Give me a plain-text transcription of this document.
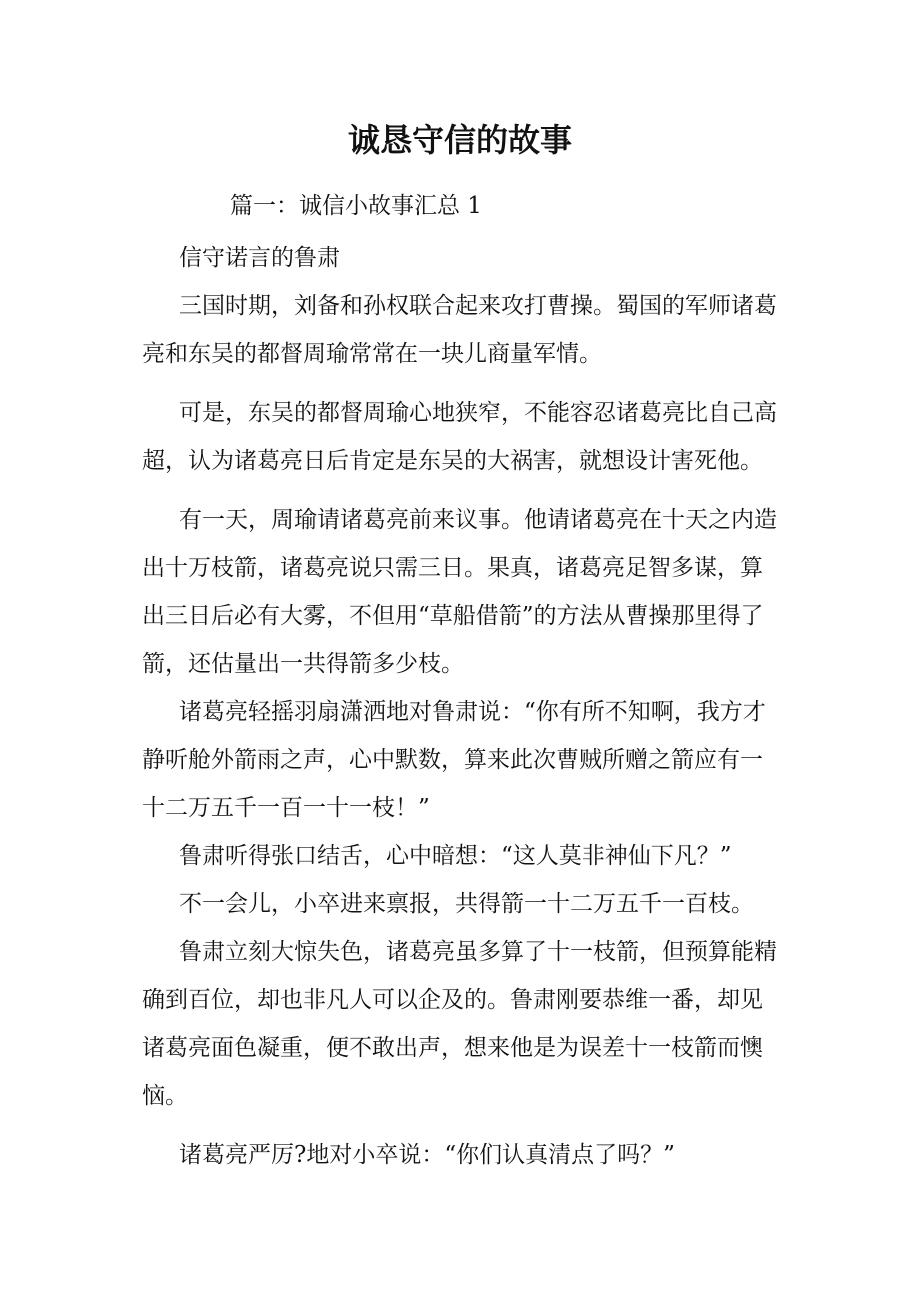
诚恳守信的故事
篇一：诚信小故事汇总 1

信守诺言的鲁肃

三国时期，刘备和孙权联合起来攻打曹操。蜀国的军师诸葛亮和东吴的都督周瑜常常在一块儿商量军情。

可是，东吴的都督周瑜心地狭窄，不能容忍诸葛亮比自己高超，认为诸葛亮日后肯定是东吴的大祸害，就想设计害死他。

有一天，周瑜请诸葛亮前来议事。他请诸葛亮在十天之内造出十万枝箭，诸葛亮说只需三日。果真，诸葛亮足智多谋，算出三日后必有大雾，不但用“草船借箭”的方法从曹操那里得了箭，还估量出一共得箭多少枝。

诸葛亮轻摇羽扇潇洒地对鲁肃说：“你有所不知啊，我方才静听舱外箭雨之声，心中默数，算来此次曹贼所赠之箭应有一十二万五千一百一十一枝！”

鲁肃听得张口结舌，心中暗想：“这人莫非神仙下凡？”

不一会儿，小卒进来禀报，共得箭一十二万五千一百枝。

鲁肃立刻大惊失色，诸葛亮虽多算了十一枝箭，但预算能精确到百位，却也非凡人可以企及的。鲁肃刚要恭维一番，却见诸葛亮面色凝重，便不敢出声，想来他是为误差十一枝箭而懊恼。

诸葛亮严厉?地对小卒说：“你们认真清点了吗？”
